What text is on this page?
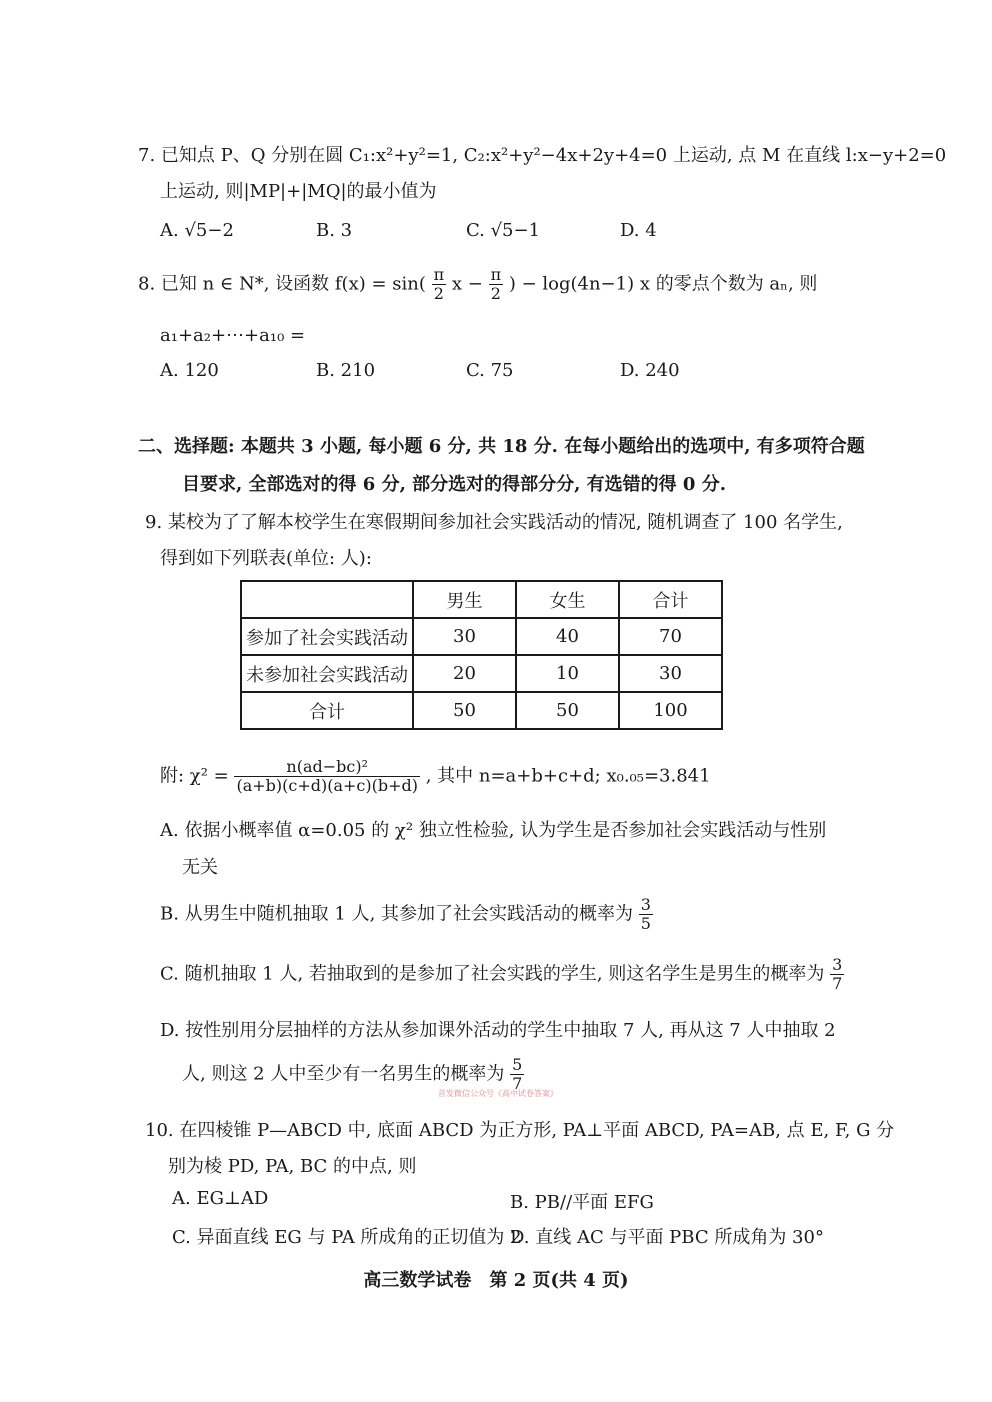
7. 已知点 P、Q 分别在圆 C₁:x²+y²=1, C₂:x²+y²−4x+2y+4=0 上运动, 点 M 在直线 l:x−y+2=0
上运动, 则|MP|+|MQ|的最小值为
A. √5−2	B. 3	C. √5−1	D. 4
8. 已知 n ∈ N*, 设函数 $f(x) = \sin( \frac{\pi}{2}$ $x - \frac{\pi}{2}$ ) − log(4n−1) x 的零点个数为 aₙ, 则
a₁+a₂+⋯+a₁₀ =
A. 120	B. 210	C. 75	D. 240
二、选择题: 本题共 3 小题, 每小题 6 分, 共 18 分. 在每小题给出的选项中, 有多项符合题
目要求, 全部选对的得 6 分, 部分选对的得部分分, 有选错的得 0 分.
9. 某校为了了解本校学生在寒假期间参加社会实践活动的情况, 随机调查了 100 名学生,
得到如下列联表(单位: 人):
	男生	女生	合计
参加了社会实践活动	30	40	70
未参加社会实践活动	20	10	30
合计	50	50	100
附: $\chi^2 = \frac{\text{n(ad−bc)²}}{(a+b)(c+d)(a+c)(b+d)}$ , 其中 n=a+b+c+d; x₀.₀₅=3.841
A. 依据小概率值 α=0.05 的 χ² 独立性检验, 认为学生是否参加社会实践活动与性别
无关
B. 从男生中随机抽取 1 人, 其参加了社会实践活动的概率为 $\frac{3}{5}$
C. 随机抽取 1 人, 若抽取到的是参加了社会实践的学生, 则这名学生是男生的概率为 $\frac{3}{7}$
D. 按性别用分层抽样的方法从参加课外活动的学生中抽取 7 人, 再从这 7 人中抽取 2
人, 则这 2 人中至少有一名男生的概率为 $\frac{5}{7}$
首发微信公众号《高中试卷答案》
10. 在四棱锥 P—ABCD 中, 底面 ABCD 为正方形, PA⊥平面 ABCD, PA=AB, 点 E, F, G 分
别为棱 PD, PA, BC 的中点, 则
A. EG⊥AD	B. PB//平面 EFG
C. 异面直线 EG 与 PA 所成角的正切值为 2
D. 直线 AC 与平面 PBC 所成角为 30°
高三数学试卷　第 2 页(共 4 页)
